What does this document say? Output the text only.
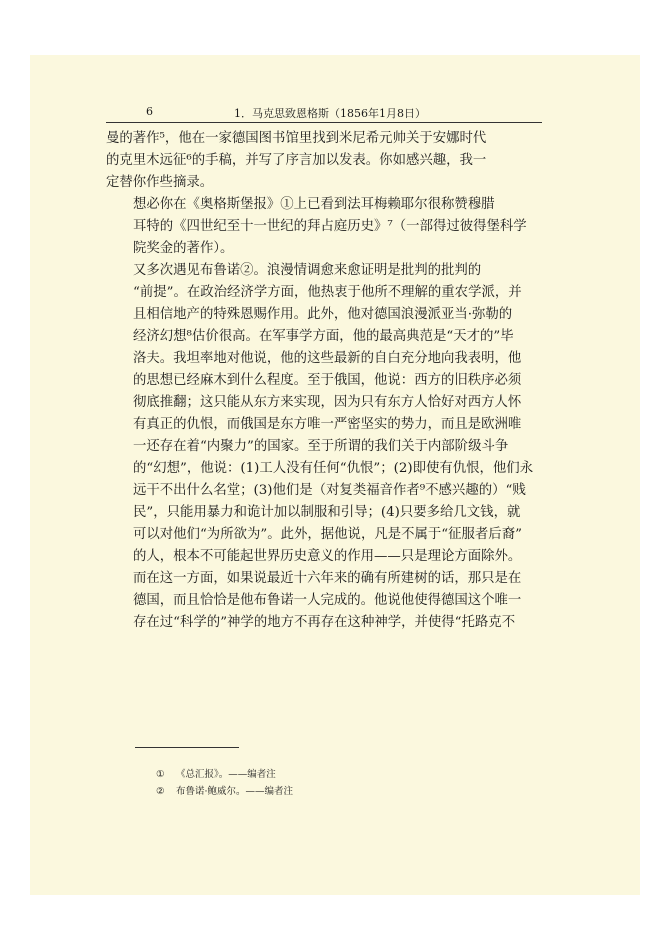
6	1．马克思致恩格斯（1856年1月8日）

曼的著作⁵，他在一家德国图书馆里找到米尼希元帅关于安娜时代
的克里木远征⁶的手稿，并写了序言加以发表。你如感兴趣，我一
定替你作些摘录。

想必你在《奥格斯堡报》①上已看到法耳梅赖耶尔很称赞穆腊
耳特的《四世纪至十一世纪的拜占庭历史》⁷（一部得过彼得堡科学
院奖金的著作）。

又多次遇见布鲁诺②。浪漫情调愈来愈证明是批判的批判的
“前提”。在政治经济学方面，他热衷于他所不理解的重农学派，并
且相信地产的特殊恩赐作用。此外，他对德国浪漫派亚当·弥勒的
经济幻想⁸估价很高。在军事学方面，他的最高典范是“天才的”毕
洛夫。我坦率地对他说，他的这些最新的自白充分地向我表明，他
的思想已经麻木到什么程度。至于俄国，他说：西方的旧秩序必须
彻底推翻；这只能从东方来实现，因为只有东方人恰好对西方人怀
有真正的仇恨，而俄国是东方唯一严密坚实的势力，而且是欧洲唯
一还存在着“内聚力”的国家。至于所谓的我们关于内部阶级斗争
的“幻想”，他说：(1)工人没有任何“仇恨”；(2)即使有仇恨，他们永
远干不出什么名堂；(3)他们是（对复类福音作者⁹不感兴趣的）“贱
民”，只能用暴力和诡计加以制服和引导；(4)只要多给几文钱，就
可以对他们“为所欲为”。此外，据他说，凡是不属于“征服者后裔”
的人，根本不可能起世界历史意义的作用——只是理论方面除外。
而在这一方面，如果说最近十六年来的确有所建树的话，那只是在
德国，而且恰恰是他布鲁诺一人完成的。他说他使得德国这个唯一
存在过“科学的”神学的地方不再存在这种神学，并使得“托路克不

① 《总汇报》。——编者注
② 布鲁诺·鲍威尔。——编者注
